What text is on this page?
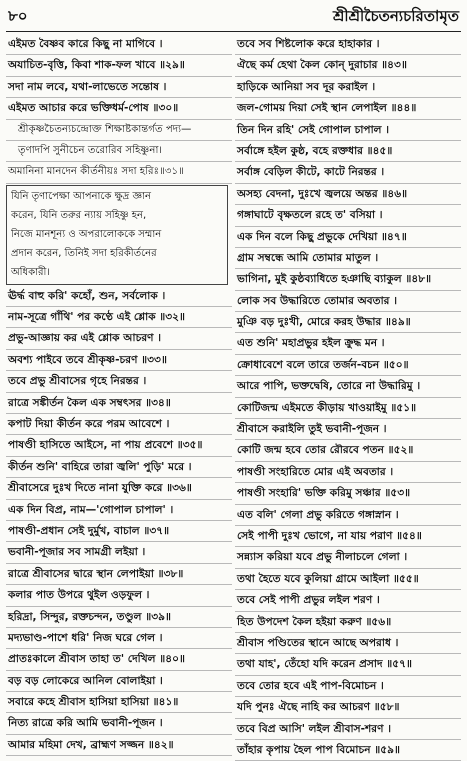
৮০	শ্রীশ্রীচৈতন্যচরিতামৃত
এইমত বৈষ্ণব কারে কিছু না মাগিবে ।
অযাচিত-বৃত্তি, কিবা শাক-ফল খাবে ॥২৯॥
সদা নাম লবে, যথা-লাভেতে সন্তোষ ।
এইমত আচার করে ভক্তিধর্ম-পোষ ॥৩০॥
শ্রীকৃষ্ণচৈতন্যচন্দ্রোক্ত শিক্ষাষ্টকান্তর্গত পদ্য—
তৃণাদপি সুনীচেন তরোরিব সহিষ্ণুনা।
অমানিনা মানদেন কীর্তনীয়ঃ সদা হরিঃ॥৩১॥
যিনি তৃণাপেক্ষা আপনাকে ক্ষুদ্র জ্ঞান
করেন, যিনি তরুর ন্যায় সহিষ্ণু হন,
নিজে মানশূন্য ও অপরালোককে সম্মান
প্রদান করেন, তিনিই সদা হরিকীর্তনের
অধিকারী।
ঊর্দ্ধ বাহু করি' কহোঁ, শুন, সর্বলোক ।
নাম-সূত্রে গাঁথি' পর কণ্ঠে এই শ্লোক ॥৩২॥
প্রভু-আজ্ঞায় কর এই শ্লোক আচরণ ।
অবশ্য পাইবে তবে শ্রীকৃষ্ণ-চরণ ॥৩৩॥
তবে প্রভু শ্রীবাসের গৃহে নিরন্তর ।
রাত্রে সঙ্কীর্তন কৈল এক সম্বৎসর ॥৩৪॥
কপাট দিয়া কীর্তন করে পরম আবেশে ।
পাষণ্ডী হাসিতে আইসে, না পায় প্রবেশে ॥৩৫॥
কীর্তন শুনি' বাহিরে তারা জ্বলি' পুড়ি' মরে ।
শ্রীবাসেরে দুঃখ দিতে নানা যুক্তি করে ॥৩৬॥
এক দিন বিপ্র, নাম—'গোপাল চাপাল' ।
পাষণ্ডী-প্রধান সেই দুর্মুখ, বাচাল ॥৩৭॥
ভবানী-পূজার সব সামগ্রী লইয়া ।
রাত্রে শ্রীবাসের দ্বারে স্থান লেপাইয়া ॥৩৮॥
কলার পাত উপরে থুইল ওড়ফুল ।
হরিদ্রা, সিন্দুর, রক্তচন্দন, তণ্ডুল ॥৩৯॥
মদ্যভাণ্ড-পাশে ধরি' নিজ ঘরে গেল ।
প্রাতঃকালে শ্রীবাস তাহা ত' দেখিল ॥৪০॥
বড় বড় লোকেরে আনিল বোলাইয়া ।
সবারে কহে শ্রীবাস হাসিয়া হাসিয়া ॥৪১॥
নিত্য রাত্রে করি আমি ভবানী-পূজন ।
আমার মহিমা দেখ, ব্রাহ্মণ সজ্জন ॥৪২॥
তবে সব শিষ্টলোক করে হাহাকার ।
ঐছে কর্ম হেথা কৈল কোন্ দুরাচার ॥৪৩॥
হাড়িকে আনিয়া সব দূর করাইল ।
জল-গোময় দিয়া সেই স্থান লেপাইল ॥৪৪॥
তিন দিন রহি' সেই গোপাল চাপাল ।
সর্বাঙ্গে হইল কুষ্ঠ, বহে রক্তধার ॥৪৫॥
সর্বাঙ্গ বেড়িল কীটে, কাটে নিরন্তর ।
অসহ্য বেদনা, দুঃখে জ্বলয়ে অন্তর ॥৪৬॥
গঙ্গাঘাটে বৃক্ষতলে রহে ত' বসিয়া ।
এক দিন বলে কিছু প্রভুকে দেখিয়া ॥৪৭॥
গ্রাম সম্বন্ধে আমি তোমার মাতুল ।
ভাগিনা, মুই কুষ্ঠব্যাধিতে হঞাছি ব্যাকুল ॥৪৮॥
লোক সব উদ্ধারিতে তোমার অবতার ।
মুঞি বড় দুঃখী, মোরে করহ উদ্ধার ॥৪৯॥
এত শুনি' মহাপ্রভুর হইল ক্রুদ্ধ মন ।
ক্রোধাবেশে বলে তারে তর্জন-বচন ॥৫০॥
আরে পাপি, ভক্তদ্বেষি, তোরে না উদ্ধারিমু ।
কোটিজন্ম এইমতে কীড়ায় খাওয়াইমু ॥৫১॥
শ্রীবাসে করাইলি তুই ভবানী-পূজন ।
কোটি জন্ম হবে তোর রৌরবে পতন ॥৫২॥
পাষণ্ডী সংহারিতে মোর এই অবতার ।
পাষণ্ডী সংহারি' ভক্তি করিমু সঞ্চার ॥৫৩॥
এত বলি' গেলা প্রভু করিতে গঙ্গাস্নান ।
সেই পাপী দুঃখ ভোগে, না যায় পরাণ ॥৫৪॥
সন্ন্যাস করিয়া যবে প্রভু নীলাচলে গেলা ।
তথা হৈতে যবে কুলিয়া গ্রামে আইলা ॥৫৫॥
তবে সেই পাপী প্রভুর লইল শরণ ।
হিত উপদেশ কৈল হইয়া করুণ ॥৫৬॥
শ্রীবাস পণ্ডিতের স্থানে আছে অপরাধ ।
তথা যাহ', তেঁহো যদি করেন প্রসাদ ॥৫৭॥
তবে তোর হবে এই পাপ-বিমোচন ।
যদি পুনঃ ঐছে নাহি কর আচরণ ॥৫৮॥
তবে বিপ্র আসি' লইল শ্রীবাস-শরণ ।
তাঁহার কৃপায় হৈল পাপ বিমোচন ॥৫৯॥
